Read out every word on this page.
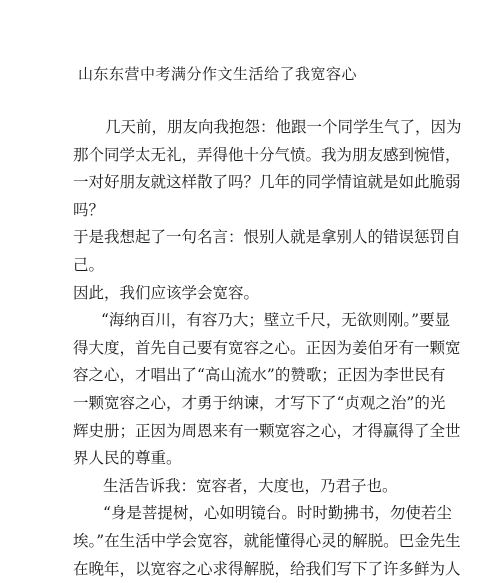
山东东营中考满分作文生活给了我宽容心
几天前，朋友向我抱怨：他跟一个同学生气了，因为
那个同学太无礼，弄得他十分气愤。我为朋友感到惋惜，
一对好朋友就这样散了吗？几年的同学情谊就是如此脆弱
吗？
于是我想起了一句名言：恨别人就是拿别人的错误惩罚自
己。
因此，我们应该学会宽容。
“海纳百川，有容乃大；壁立千尺，无欲则刚。”要显
得大度，首先自己要有宽容之心。正因为姜伯牙有一颗宽
容之心，才唱出了“高山流水”的赞歌；正因为李世民有
一颗宽容之心，才勇于纳谏，才写下了“贞观之治”的光
辉史册；正因为周恩来有一颗宽容之心，才得赢得了全世
界人民的尊重。
生活告诉我：宽容者，大度也，乃君子也。
“身是菩提树，心如明镜台。时时勤拂书，勿使若尘
埃。”在生活中学会宽容，就能懂得心灵的解脱。巴金先生
在晚年，以宽容之心求得解脱，给我们写下了许多鲜为人
